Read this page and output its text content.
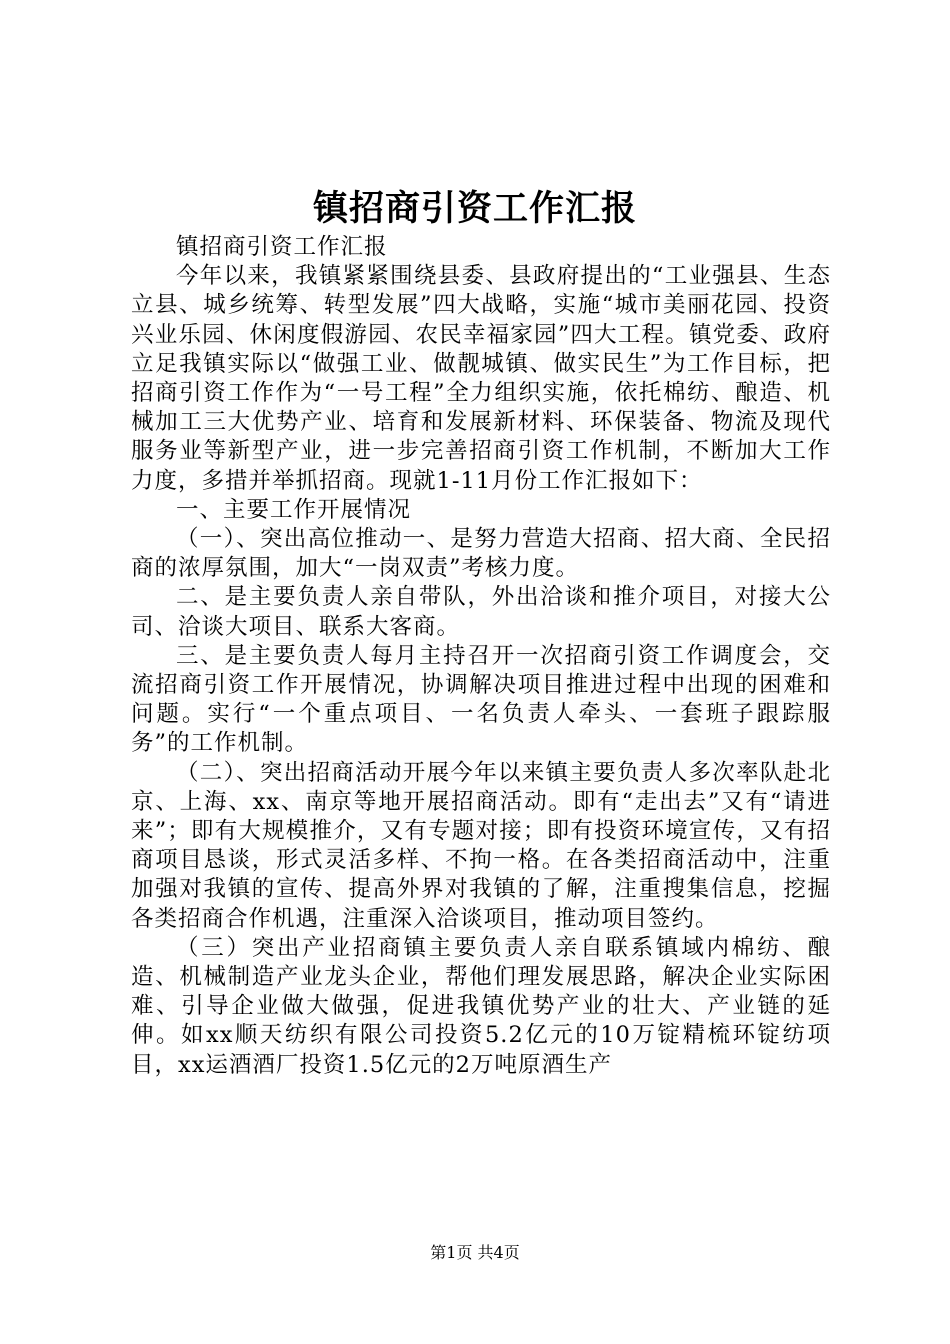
镇招商引资工作汇报

镇招商引资工作汇报

今年以来，我镇紧紧围绕县委、县政府提出的“工业强县、生态立县、城乡统筹、转型发展”四大战略，实施“城市美丽花园、投资兴业乐园、休闲度假游园、农民幸福家园”四大工程。镇党委、政府立足我镇实际以“做强工业、做靓城镇、做实民生”为工作目标，把招商引资工作作为“一号工程”全力组织实施，依托棉纺、酿造、机械加工三大优势产业、培育和发展新材料、环保装备、物流及现代服务业等新型产业，进一步完善招商引资工作机制，不断加大工作力度，多措并举抓招商。现就1-11月份工作汇报如下：

一、主要工作开展情况

（一）、突出高位推动一、是努力营造大招商、招大商、全民招商的浓厚氛围，加大“一岗双责”考核力度。

二、是主要负责人亲自带队，外出洽谈和推介项目，对接大公司、洽谈大项目、联系大客商。

三、是主要负责人每月主持召开一次招商引资工作调度会，交流招商引资工作开展情况，协调解决项目推进过程中出现的困难和问题。实行“一个重点项目、一名负责人牵头、一套班子跟踪服务”的工作机制。

（二）、突出招商活动开展今年以来镇主要负责人多次率队赴北京、上海、xx、南京等地开展招商活动。即有“走出去”又有“请进来”；即有大规模推介，又有专题对接；即有投资环境宣传，又有招商项目恳谈，形式灵活多样、不拘一格。在各类招商活动中，注重加强对我镇的宣传、提高外界对我镇的了解，注重搜集信息，挖掘各类招商合作机遇，注重深入洽谈项目，推动项目签约。

（三）突出产业招商镇主要负责人亲自联系镇域内棉纺、酿造、机械制造产业龙头企业，帮他们理发展思路，解决企业实际困难、引导企业做大做强，促进我镇优势产业的壮大、产业链的延伸。如xx顺天纺织有限公司投资5.2亿元的10万锭精梳环锭纺项目，xx运酒酒厂投资1.5亿元的2万吨原酒生产

第1页 共4页
